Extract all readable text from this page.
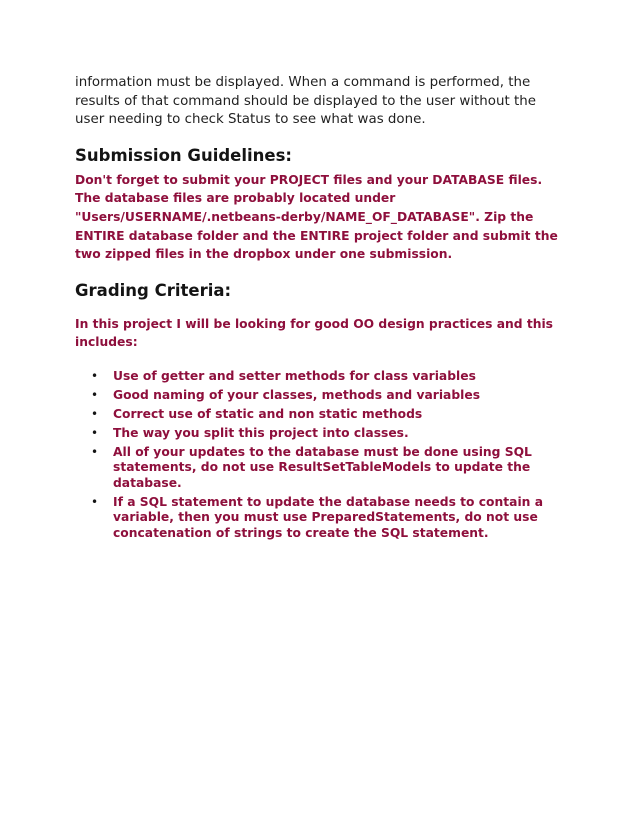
information must be displayed. When a command is performed, the results of that command should be displayed to the user without the user needing to check Status to see what was done.

Submission Guidelines:

Don't forget to submit your PROJECT files and your DATABASE files. The database files are probably located under "Users/USERNAME/.netbeans-derby/NAME_OF_DATABASE". Zip the ENTIRE database folder and the ENTIRE project folder and submit the two zipped files in the dropbox under one submission.

Grading Criteria:

In this project I will be looking for good OO design practices and this includes:

• Use of getter and setter methods for class variables
• Good naming of your classes, methods and variables
• Correct use of static and non static methods
• The way you split this project into classes.
• All of your updates to the database must be done using SQL statements, do not use ResultSetTableModels to update the database.
• If a SQL statement to update the database needs to contain a variable, then you must use PreparedStatements, do not use concatenation of strings to create the SQL statement.
